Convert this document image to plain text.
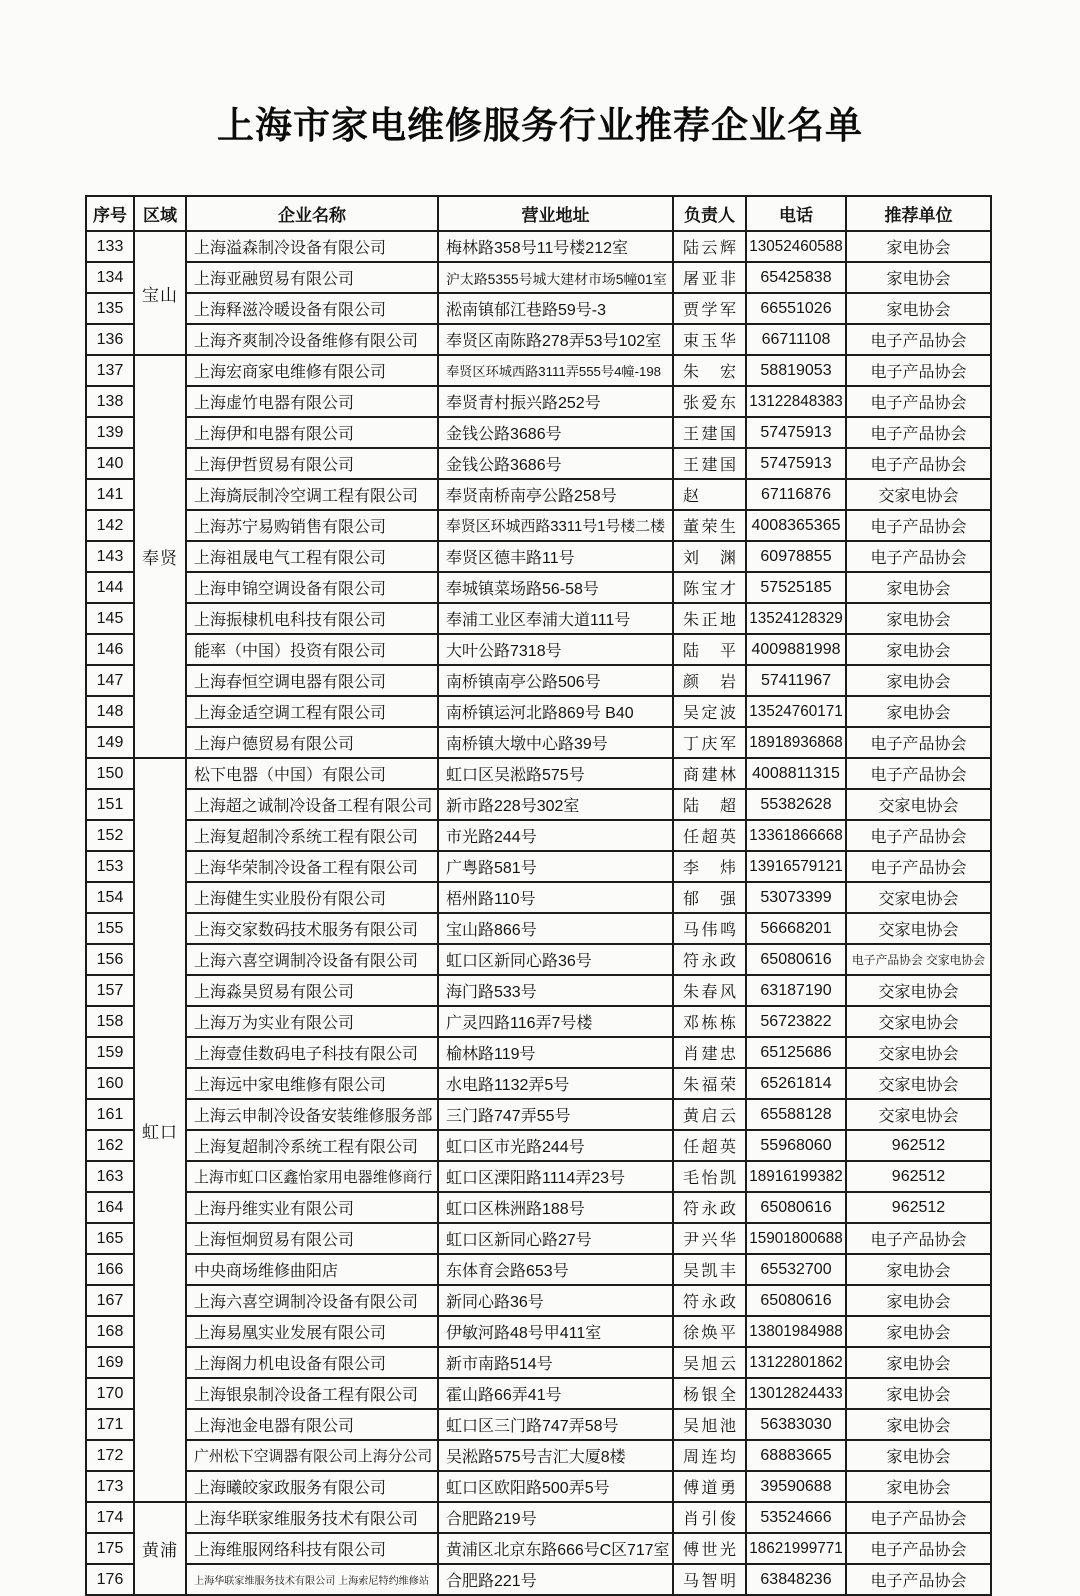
上海市家电维修服务行业推荐企业名单
序号	区域	企业名称	营业地址	负责人	电话	推荐单位
133	宝山	上海溢森制冷设备有限公司	梅林路358号11号楼212室	陆云辉	13052460588	家电协会
134		上海亚融贸易有限公司	沪太路5355号城大建材市场5幢01室	屠亚非	65425838	家电协会
135		上海释滋冷暖设备有限公司	淞南镇郁江巷路59号-3	贾学军	66551026	家电协会
136		上海齐爽制冷设备维修有限公司	奉贤区南陈路278弄53号102室	束玉华	66711108	电子产品协会
137	奉贤	上海宏商家电维修有限公司	奉贤区环城西路3111弄555号4幢-198	朱 宏	58819053	电子产品协会
138		上海虚竹电器有限公司	奉贤青村振兴路252号	张爱东	13122848383	电子产品协会
139		上海伊和电器有限公司	金钱公路3686号	王建国	57475913	电子产品协会
140		上海伊哲贸易有限公司	金钱公路3686号	王建国	57475913	电子产品协会
141		上海旖辰制冷空调工程有限公司	奉贤南桥南亭公路258号	赵	67116876	交家电协会
142		上海苏宁易购销售有限公司	奉贤区环城西路3311号1号楼二楼	董荣生	4008365365	电子产品协会
143		上海祖晟电气工程有限公司	奉贤区德丰路11号	刘 渊	60978855	电子产品协会
144		上海申锦空调设备有限公司	奉城镇菜场路56-58号	陈宝才	57525185	家电协会
145		上海振棣机电科技有限公司	奉浦工业区奉浦大道111号	朱正地	13524128329	家电协会
146		能率（中国）投资有限公司	大叶公路7318号	陆 平	4009881998	家电协会
147		上海春恒空调电器有限公司	南桥镇南亭公路506号	颜 岩	57411967	家电协会
148		上海金适空调工程有限公司	南桥镇运河北路869号 B40	吴定波	13524760171	家电协会
149		上海户德贸易有限公司	南桥镇大墩中心路39号	丁庆军	18918936868	电子产品协会
150	虹口	松下电器（中国）有限公司	虹口区吴淞路575号	商建林	4008811315	电子产品协会
151		上海超之诚制冷设备工程有限公司	新市路228号302室	陆 超	55382628	交家电协会
152		上海复超制冷系统工程有限公司	市光路244号	任超英	13361866668	电子产品协会
153		上海华荣制冷设备工程有限公司	广粤路581号	李 炜	13916579121	电子产品协会
154		上海健生实业股份有限公司	梧州路110号	郁 强	53073399	交家电协会
155		上海交家数码技术服务有限公司	宝山路866号	马伟鸣	56668201	交家电协会
156		上海六喜空调制冷设备有限公司	虹口区新同心路36号	符永政	65080616	电子产品协会 交家电协会
157		上海淼昊贸易有限公司	海门路533号	朱春风	63187190	交家电协会
158		上海万为实业有限公司	广灵四路116弄7号楼	邓栋栋	56723822	交家电协会
159		上海壹佳数码电子科技有限公司	榆林路119号	肖建忠	65125686	交家电协会
160		上海远中家电维修有限公司	水电路1132弄5号	朱福荣	65261814	交家电协会
161		上海云申制冷设备安装维修服务部	三门路747弄55号	黄启云	65588128	交家电协会
162		上海复超制冷系统工程有限公司	虹口区市光路244号	任超英	55968060	962512
163		上海市虹口区鑫怡家用电器维修商行	虹口区溧阳路1114弄23号	毛怡凯	18916199382	962512
164		上海丹维实业有限公司	虹口区株洲路188号	符永政	65080616	962512
165		上海恒炯贸易有限公司	虹口区新同心路27号	尹兴华	15901800688	电子产品协会
166		中央商场维修曲阳店	东体育会路653号	吴凯丰	65532700	家电协会
167		上海六喜空调制冷设备有限公司	新同心路36号	符永政	65080616	家电协会
168		上海易凰实业发展有限公司	伊敏河路48号甲411室	徐焕平	13801984988	家电协会
169		上海阁力机电设备有限公司	新市南路514号	吴旭云	13122801862	家电协会
170		上海银泉制冷设备工程有限公司	霍山路66弄41号	杨银全	13012824433	家电协会
171		上海池金电器有限公司	虹口区三门路747弄58号	吴旭池	56383030	家电协会
172		广州松下空调器有限公司上海分公司	吴淞路575号吉汇大厦8楼	周连均	68883665	家电协会
173		上海曦皎家政服务有限公司	虹口区欧阳路500弄5号	傅道勇	39590688	家电协会
174	黄浦	上海华联家维服务技术有限公司	合肥路219号	肖引俊	53524666	电子产品协会
175		上海维服网络科技有限公司	黄浦区北京东路666号C区717室	傅世光	18621999771	电子产品协会
176		上海华联家维服务技术有限公司 上海索尼特约维修站	合肥路221号	马智明	63848236	电子产品协会
